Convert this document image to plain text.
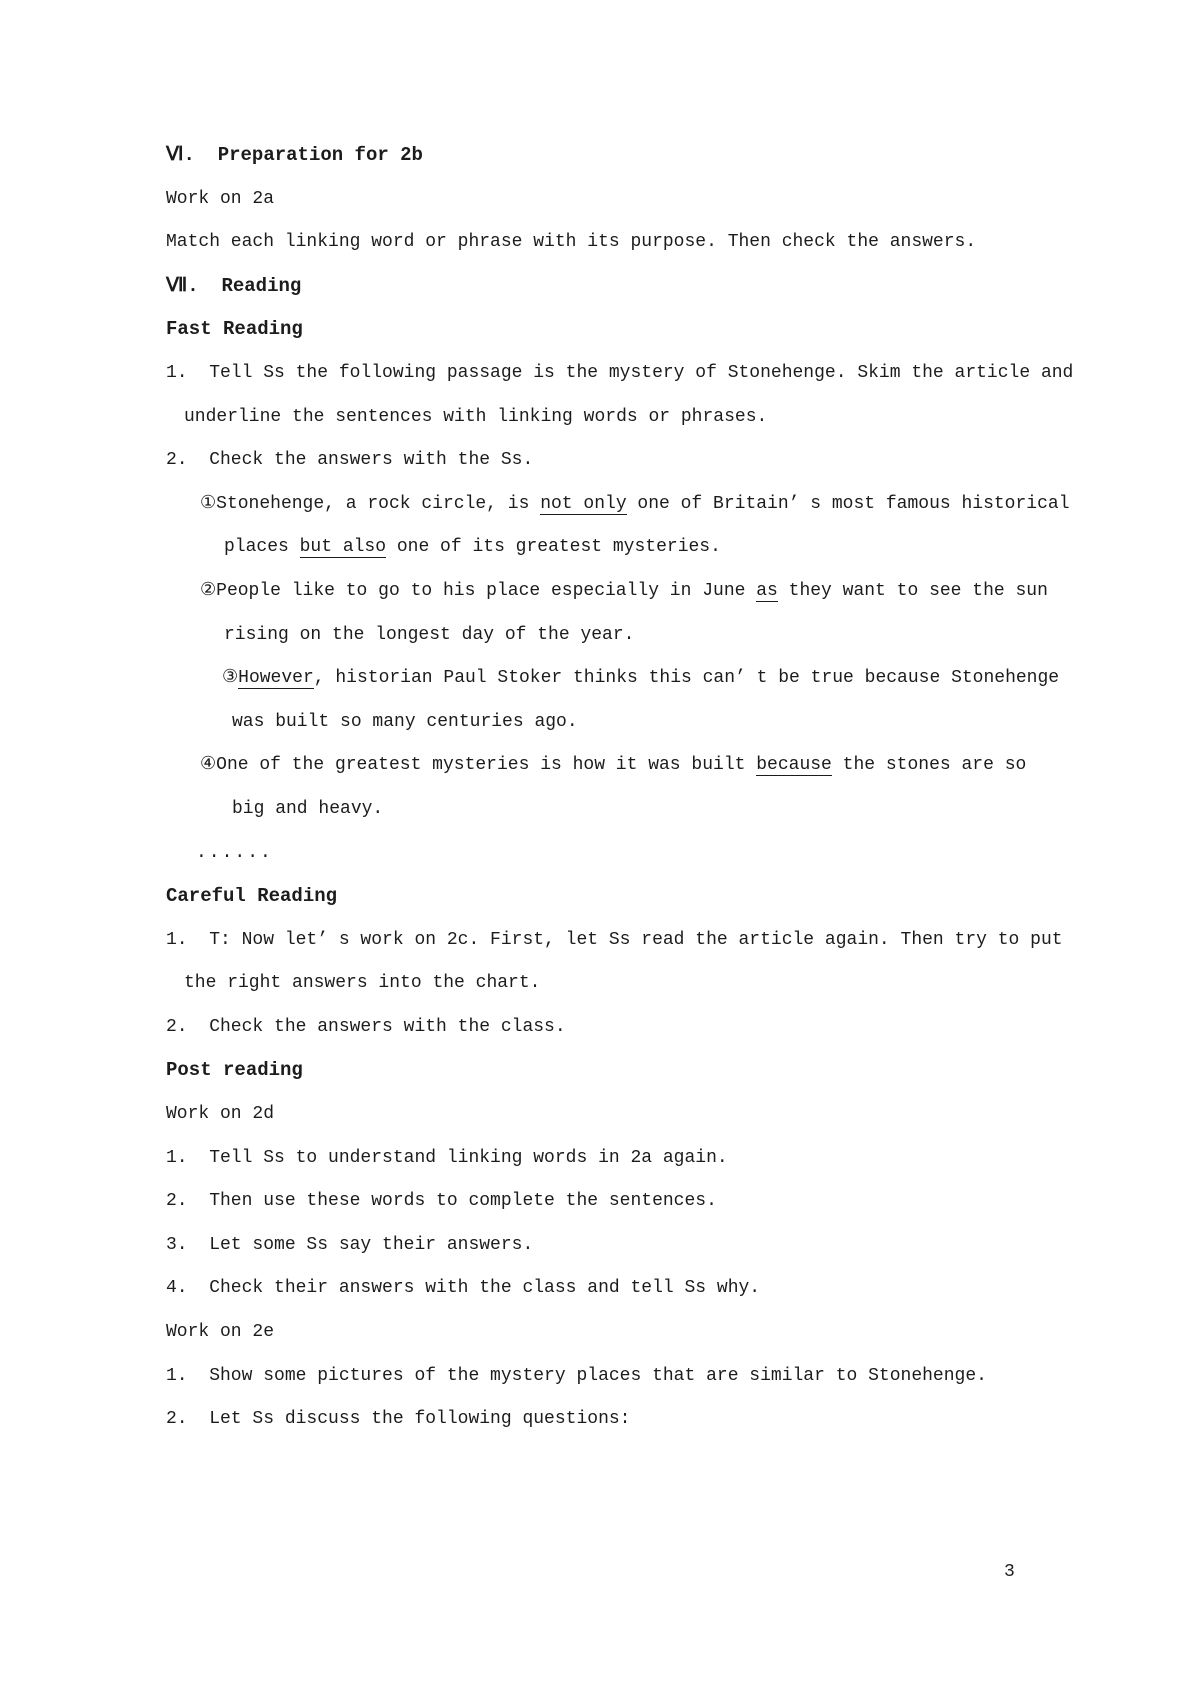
Ⅵ.  Preparation for 2b
Work on 2a
Match each linking word or phrase with its purpose. Then check the answers.
Ⅶ.  Reading
Fast Reading
1.  Tell Ss the following passage is the mystery of Stonehenge. Skim the article and
underline the sentences with linking words or phrases.
2.  Check the answers with the Ss.
①Stonehenge, a rock circle, is not only one of Britain’ s most famous historical
places but also one of its greatest mysteries.
②People like to go to his place especially in June as they want to see the sun
rising on the longest day of the year.
③However, historian Paul Stoker thinks this can’ t be true because Stonehenge
was built so many centuries ago.
④One of the greatest mysteries is how it was built because the stones are so
big and heavy.
......
Careful Reading
1.  T: Now let’ s work on 2c. First, let Ss read the article again. Then try to put
the right answers into the chart.
2.  Check the answers with the class.
Post reading
Work on 2d
1.  Tell Ss to understand linking words in 2a again.
2.  Then use these words to complete the sentences.
3.  Let some Ss say their answers.
4.  Check their answers with the class and tell Ss why.
Work on 2e
1.  Show some pictures of the mystery places that are similar to Stonehenge.
2.  Let Ss discuss the following questions:
3
